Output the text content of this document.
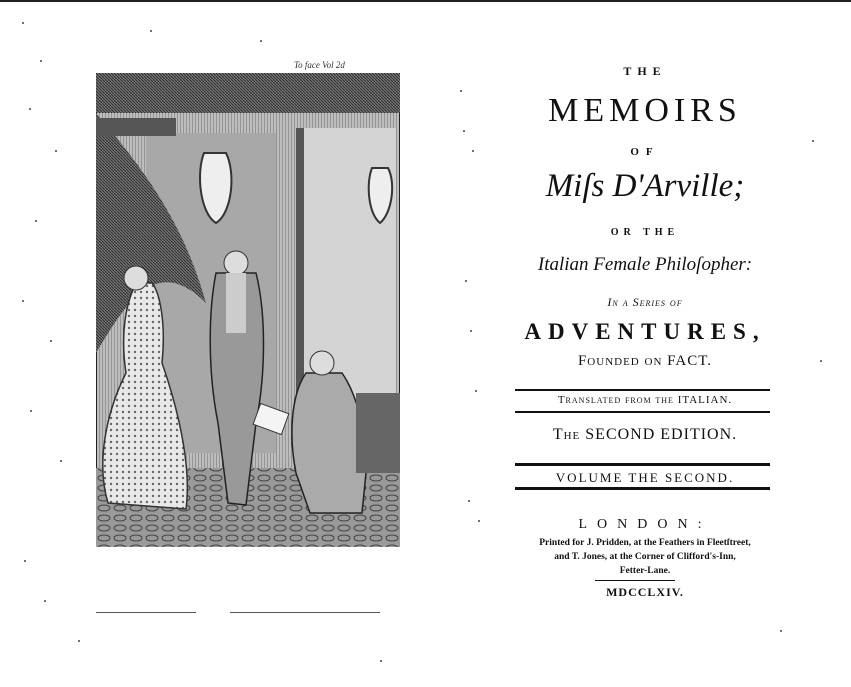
To face Vol 2d	THE
MEMOIRS
OF
Miſs D'Arville;
OR THE
Italian Female Philoſopher:
In a Series of
ADVENTURES,
Founded on FACT.
Translated from the ITALIAN.
The SECOND EDITION.
VOLUME THE SECOND.
LONDON:
Printed for J. Pridden, at the Feathers in Fleetſtreet,
and T. Jones, at the Corner of Clifford's-Inn,
Fetter-Lane.
MDCCLXIV.
